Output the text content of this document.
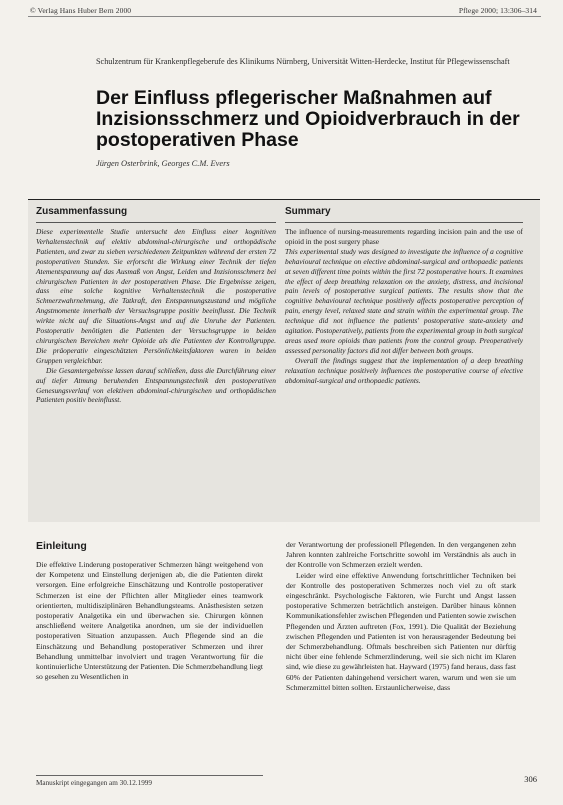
© Verlag Hans Huber Bern 2000	Pflege 2000; 13:306–314
Schulzentrum für Krankenpflegeberufe des Klinikums Nürnberg, Universität Witten-Herdecke, Institut für Pflegewissenschaft
Der Einfluss pflegerischer Maßnahmen auf Inzisionsschmerz und Opioidverbrauch in der postoperativen Phase
Jürgen Osterbrink, Georges C.M. Evers
Zusammenfassung

Diese experimentelle Studie untersucht den Einfluss einer kognitiven Verhaltenstechnik auf elektiv abdominal-chirurgische und orthopädische Patienten, und zwar zu sieben verschiedenen Zeitpunkten während der ersten 72 postoperativen Stunden. Sie erforscht die Wirkung einer Technik der tiefen Atementspannung auf das Ausmaß von Angst, Leiden und Inzisionsschmerz bei chirurgischen Patienten in der postoperativen Phase. Die Ergebnisse zeigen, dass eine solche kognitive Verhaltenstechnik die postoperative Schmerzwahrnehmung, die Tatkraft, den Entspannungszustand und mögliche Angstmomente innerhalb der Versuchsgruppe positiv beeinflusst. Die Technik wirkte nicht auf die Situations-Angst und auf die Unruhe der Patienten. Postoperativ benötigten die Patienten der Versuchsgruppe in beiden chirurgischen Bereichen mehr Opioide als die Patienten der Kontrollgruppe. Die präoperativ eingeschätzten Persönlichkeitsfaktoren waren in beiden Gruppen vergleichbar.

Die Gesamtergebnisse lassen darauf schließen, dass die Durchführung einer auf tiefer Atmung beruhenden Entspannungstechnik den postoperativen Genesungsverlauf von elektiven abdominal-chirurgischen und orthopädischen Patienten positiv beeinflusst.

Summary

The influence of nursing-measurements regarding incision pain and the use of opioid in the post surgery phase

This experimental study was designed to investigate the influence of a cognitive behavioural technique on elective abdominal-surgical and orthopaedic patients at seven different time points within the first 72 postoperative hours. It examines the effect of deep breathing relaxation on the anxiety, distress, and incisional pain levels of postoperative surgical patients. The results show that the cognitive behavioural technique positively affects postoperative perception of pain, energy level, relaxed state and strain within the experimental group. The technique did not influence the patients' postoperative state-anxiety and agitation. Postoperatively, patients from the experimental group in both surgical areas used more opioids than patients from the control group. Preoperatively assessed personality factors did not differ between both groups.

Overall the findings suggest that the implementation of a deep breathing relaxation technique positively influences the postoperative course of elective abdominal-surgical and orthopaedic patients.

Einleitung

Die effektive Linderung postoperativer Schmerzen hängt weitgehend von der Kompetenz und Einstellung derjenigen ab, die die Patienten direkt versorgen. Eine erfolgreiche Einschätzung und Kontrolle postoperativer Schmerzen ist eine der Pflichten aller Mitglieder eines teamwork orientierten, multidisziplinären Behandlungsteams. Anästhesisten setzen postoperativ Analgetika ein und überwachen sie. Chirurgen können anschließend weitere Analgetika anordnen, um sie der individuellen postoperativen Situation anzupassen. Auch Pflegende sind an die Einschätzung und Behandlung postoperativer Schmerzen und ihrer Behandlung unmittelbar involviert und tragen Verantwortung für die kontinuierliche Unterstützung der Patienten. Die Schmerzbehandlung liegt so gesehen zu Wesentlichen in

der Verantwortung der professionell Pflegenden. In den vergangenen zehn Jahren konnten zahlreiche Fortschritte sowohl im Verständnis als auch in der Kontrolle von Schmerzen erzielt werden.

Leider wird eine effektive Anwendung fortschrittlicher Techniken bei der Kontrolle des postoperativen Schmerzes noch viel zu oft stark eingeschränkt. Psychologische Faktoren, wie Furcht und Angst lassen postoperative Schmerzen beträchtlich ansteigen. Darüber hinaus können Kommunikationsfehler zwischen Pflegenden und Patienten sowie zwischen Pflegenden und Ärzten auftreten (Fox, 1991). Die Qualität der Beziehung zwischen Pflegenden und Patienten ist von herausragender Bedeutung bei der Schmerzbehandlung. Oftmals beschreiben sich Patienten nur dürftig nicht über eine fehlende Schmerzlinderung, weil sie sich nicht im Klaren sind, wie diese zu gewährleisten hat. Hayward (1975) fand heraus, dass fast 60% der Patienten dahingehend versichert waren, warum und wen sie um Schmerzmittel bitten sollten. Erstaunlicherweise, dass

Manuskript eingegangen am 30.12.1999	306
